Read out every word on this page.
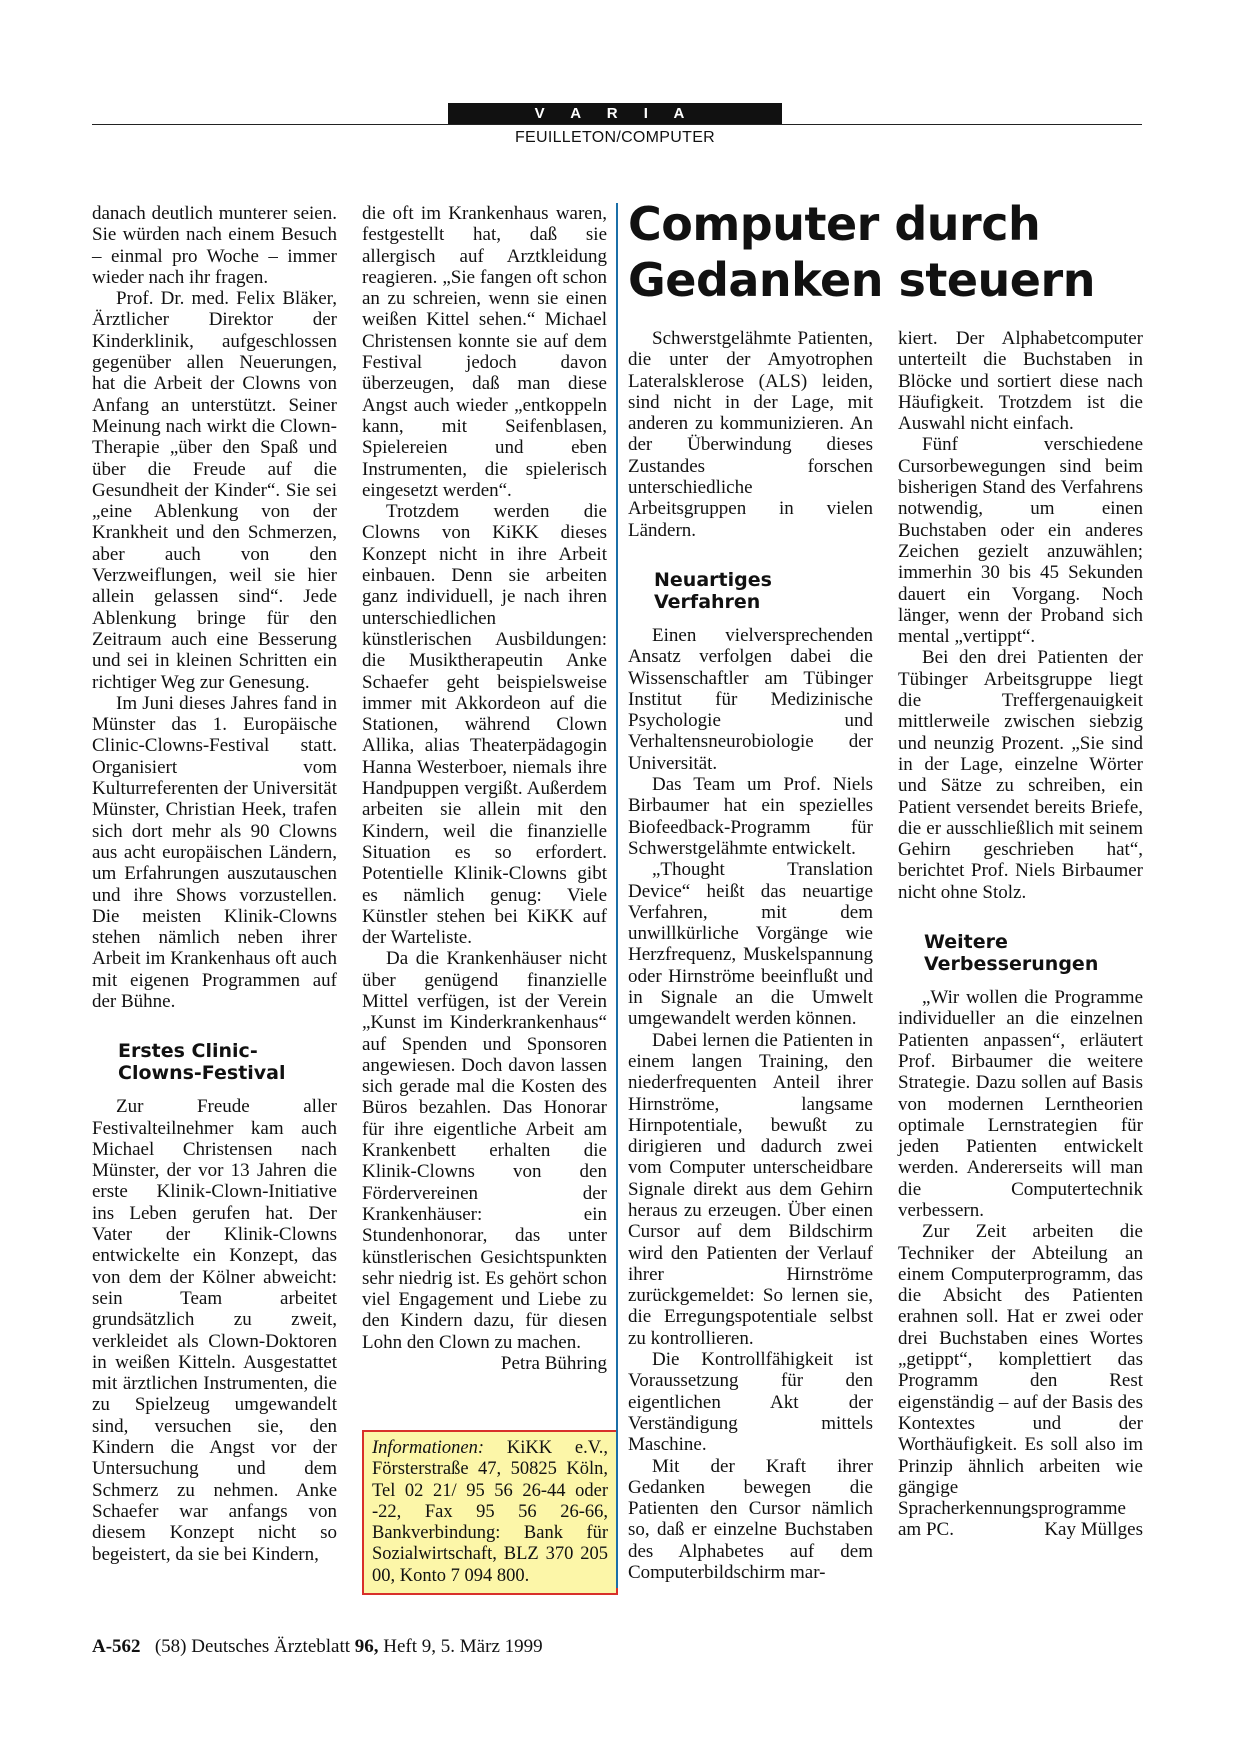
V A R I A
FEUILLETON/COMPUTER

danach deutlich munterer seien. Sie würden nach einem Besuch – einmal pro Woche – immer wieder nach ihr fragen.

Prof. Dr. med. Felix Bläker, Ärztlicher Direktor der Kinderklinik, aufgeschlossen gegenüber allen Neuerungen, hat die Arbeit der Clowns von Anfang an unterstützt. Seiner Meinung nach wirkt die Clown-Therapie „über den Spaß und über die Freude auf die Gesundheit der Kinder“. Sie sei „eine Ablenkung von der Krankheit und den Schmerzen, aber auch von den Verzweiflungen, weil sie hier allein gelassen sind“. Jede Ablenkung bringe für den Zeitraum auch eine Besserung und sei in kleinen Schritten ein richtiger Weg zur Genesung.

Im Juni dieses Jahres fand in Münster das 1. Europäische Clinic-Clowns-Festival statt. Organisiert vom Kulturreferenten der Universität Münster, Christian Heek, trafen sich dort mehr als 90 Clowns aus acht europäischen Ländern, um Erfahrungen auszutauschen und ihre Shows vorzustellen. Die meisten Klinik-Clowns stehen nämlich neben ihrer Arbeit im Krankenhaus oft auch mit eigenen Programmen auf der Bühne.

Erstes Clinic-Clowns-Festival

Zur Freude aller Festivalteilnehmer kam auch Michael Christensen nach Münster, der vor 13 Jahren die erste Klinik-Clown-Initiative ins Leben gerufen hat. Der Vater der Klinik-Clowns entwickelte ein Konzept, das von dem der Kölner abweicht: sein Team arbeitet grundsätzlich zu zweit, verkleidet als Clown-Doktoren in weißen Kitteln. Ausgestattet mit ärztlichen Instrumenten, die zu Spielzeug umgewandelt sind, versuchen sie, den Kindern die Angst vor der Untersuchung und dem Schmerz zu nehmen. Anke Schaefer war anfangs von diesem Konzept nicht so begeistert, da sie bei Kindern,

die oft im Krankenhaus waren, festgestellt hat, daß sie allergisch auf Arztkleidung reagieren. „Sie fangen oft schon an zu schreien, wenn sie einen weißen Kittel sehen.“ Michael Christensen konnte sie auf dem Festival jedoch davon überzeugen, daß man diese Angst auch wieder „entkoppeln kann, mit Seifenblasen, Spielereien und eben Instrumenten, die spielerisch eingesetzt werden“.

Trotzdem werden die Clowns von KiKK dieses Konzept nicht in ihre Arbeit einbauen. Denn sie arbeiten ganz individuell, je nach ihren unterschiedlichen künstlerischen Ausbildungen: die Musiktherapeutin Anke Schaefer geht beispielsweise immer mit Akkordeon auf die Stationen, während Clown Allika, alias Theaterpädagogin Hanna Westerboer, niemals ihre Handpuppen vergißt. Außerdem arbeiten sie allein mit den Kindern, weil die finanzielle Situation es so erfordert. Potentielle Klinik-Clowns gibt es nämlich genug: Viele Künstler stehen bei KiKK auf der Warteliste.

Da die Krankenhäuser nicht über genügend finanzielle Mittel verfügen, ist der Verein „Kunst im Kinderkrankenhaus“ auf Spenden und Sponsoren angewiesen. Doch davon lassen sich gerade mal die Kosten des Büros bezahlen. Das Honorar für ihre eigentliche Arbeit am Krankenbett erhalten die Klinik-Clowns von den Fördervereinen der Krankenhäuser: ein Stundenhonorar, das unter künstlerischen Gesichtspunkten sehr niedrig ist. Es gehört schon viel Engagement und Liebe zu den Kindern dazu, für diesen Lohn den Clown zu machen.
Petra Bühring

Informationen: KiKK e.V., Försterstraße 47, 50825 Köln, Tel 02 21/ 95 56 26-44 oder -22, Fax 95 56 26-66, Bankverbindung: Bank für Sozialwirtschaft, BLZ 370 205 00, Konto 7 094 800.
Computer durch Gedanken steuern

Schwerstgelähmte Patienten, die unter der Amyotrophen Lateralsklerose (ALS) leiden, sind nicht in der Lage, mit anderen zu kommunizieren. An der Überwindung dieses Zustandes forschen unterschiedliche Arbeitsgruppen in vielen Ländern.

Neuartiges Verfahren

Einen vielversprechenden Ansatz verfolgen dabei die Wissenschaftler am Tübinger Institut für Medizinische Psychologie und Verhaltensneurobiologie der Universität.

Das Team um Prof. Niels Birbaumer hat ein spezielles Biofeedback-Programm für Schwerstgelähmte entwickelt.

„Thought Translation Device“ heißt das neuartige Verfahren, mit dem unwillkürliche Vorgänge wie Herzfrequenz, Muskelspannung oder Hirnströme beeinflußt und in Signale an die Umwelt umgewandelt werden können.

Dabei lernen die Patienten in einem langen Training, den niederfrequenten Anteil ihrer Hirnströme, langsame Hirnpotentiale, bewußt zu dirigieren und dadurch zwei vom Computer unterscheidbare Signale direkt aus dem Gehirn heraus zu erzeugen. Über einen Cursor auf dem Bildschirm wird den Patienten der Verlauf ihrer Hirnströme zurückgemeldet: So lernen sie, die Erregungspotentiale selbst zu kontrollieren.

Die Kontrollfähigkeit ist Voraussetzung für den eigentlichen Akt der Verständigung mittels Maschine.

Mit der Kraft ihrer Gedanken bewegen die Patienten den Cursor nämlich so, daß er einzelne Buchstaben des Alphabetes auf dem Computerbildschirm mar-

kiert. Der Alphabetcomputer unterteilt die Buchstaben in Blöcke und sortiert diese nach Häufigkeit. Trotzdem ist die Auswahl nicht einfach.

Fünf verschiedene Cursorbewegungen sind beim bisherigen Stand des Verfahrens notwendig, um einen Buchstaben oder ein anderes Zeichen gezielt anzuwählen; immerhin 30 bis 45 Sekunden dauert ein Vorgang. Noch länger, wenn der Proband sich mental „vertippt“.

Bei den drei Patienten der Tübinger Arbeitsgruppe liegt die Treffergenauigkeit mittlerweile zwischen siebzig und neunzig Prozent. „Sie sind in der Lage, einzelne Wörter und Sätze zu schreiben, ein Patient versendet bereits Briefe, die er ausschließlich mit seinem Gehirn geschrieben hat“, berichtet Prof. Niels Birbaumer nicht ohne Stolz.

Weitere Verbesserungen

„Wir wollen die Programme individueller an die einzelnen Patienten anpassen“, erläutert Prof. Birbaumer die weitere Strategie. Dazu sollen auf Basis von modernen Lerntheorien optimale Lernstrategien für jeden Patienten entwickelt werden. Andererseits will man die Computertechnik verbessern.

Zur Zeit arbeiten die Techniker der Abteilung an einem Computerprogramm, das die Absicht des Patienten erahnen soll. Hat er zwei oder drei Buchstaben eines Wortes „getippt“, komplettiert das Programm den Rest eigenständig – auf der Basis des Kontextes und der Worthäufigkeit. Es soll also im Prinzip ähnlich arbeiten wie gängige Spracherkennungsprogramme am PC.	Kay Müllges

A-562 (58) Deutsches Ärzteblatt 96, Heft 9, 5. März 1999
